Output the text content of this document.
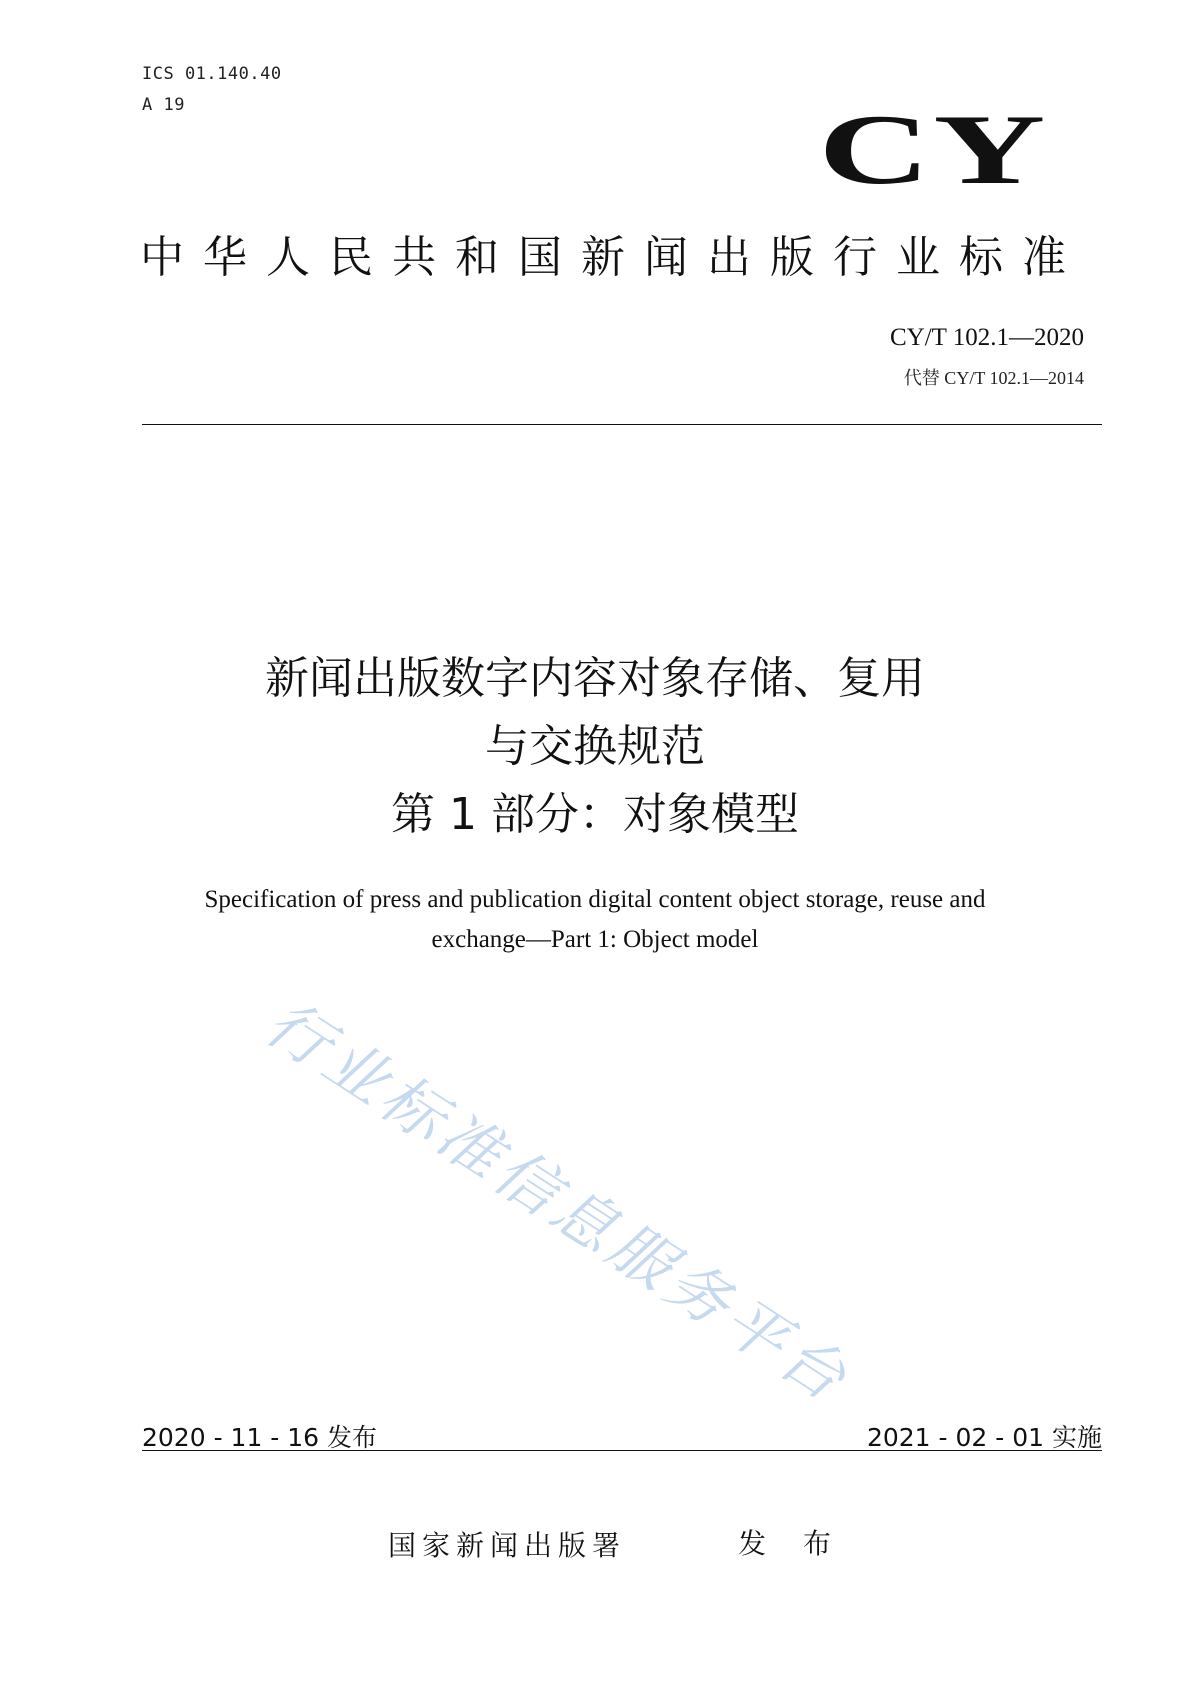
ICS 01.140.40
A 19	CY
中华人民共和国新闻出版行业标准
CY/T 102.1—2020
代替 CY/T 102.1—2014
新闻出版数字内容对象存储、复用
与交换规范
第 1 部分：对象模型
Specification of press and publication digital content object storage, reuse and
exchange—Part 1: Object model
行业标准信息服务平台
2020 - 11 - 16 发布	2021 - 02 - 01 实施
国家新闻出版署	发 布
